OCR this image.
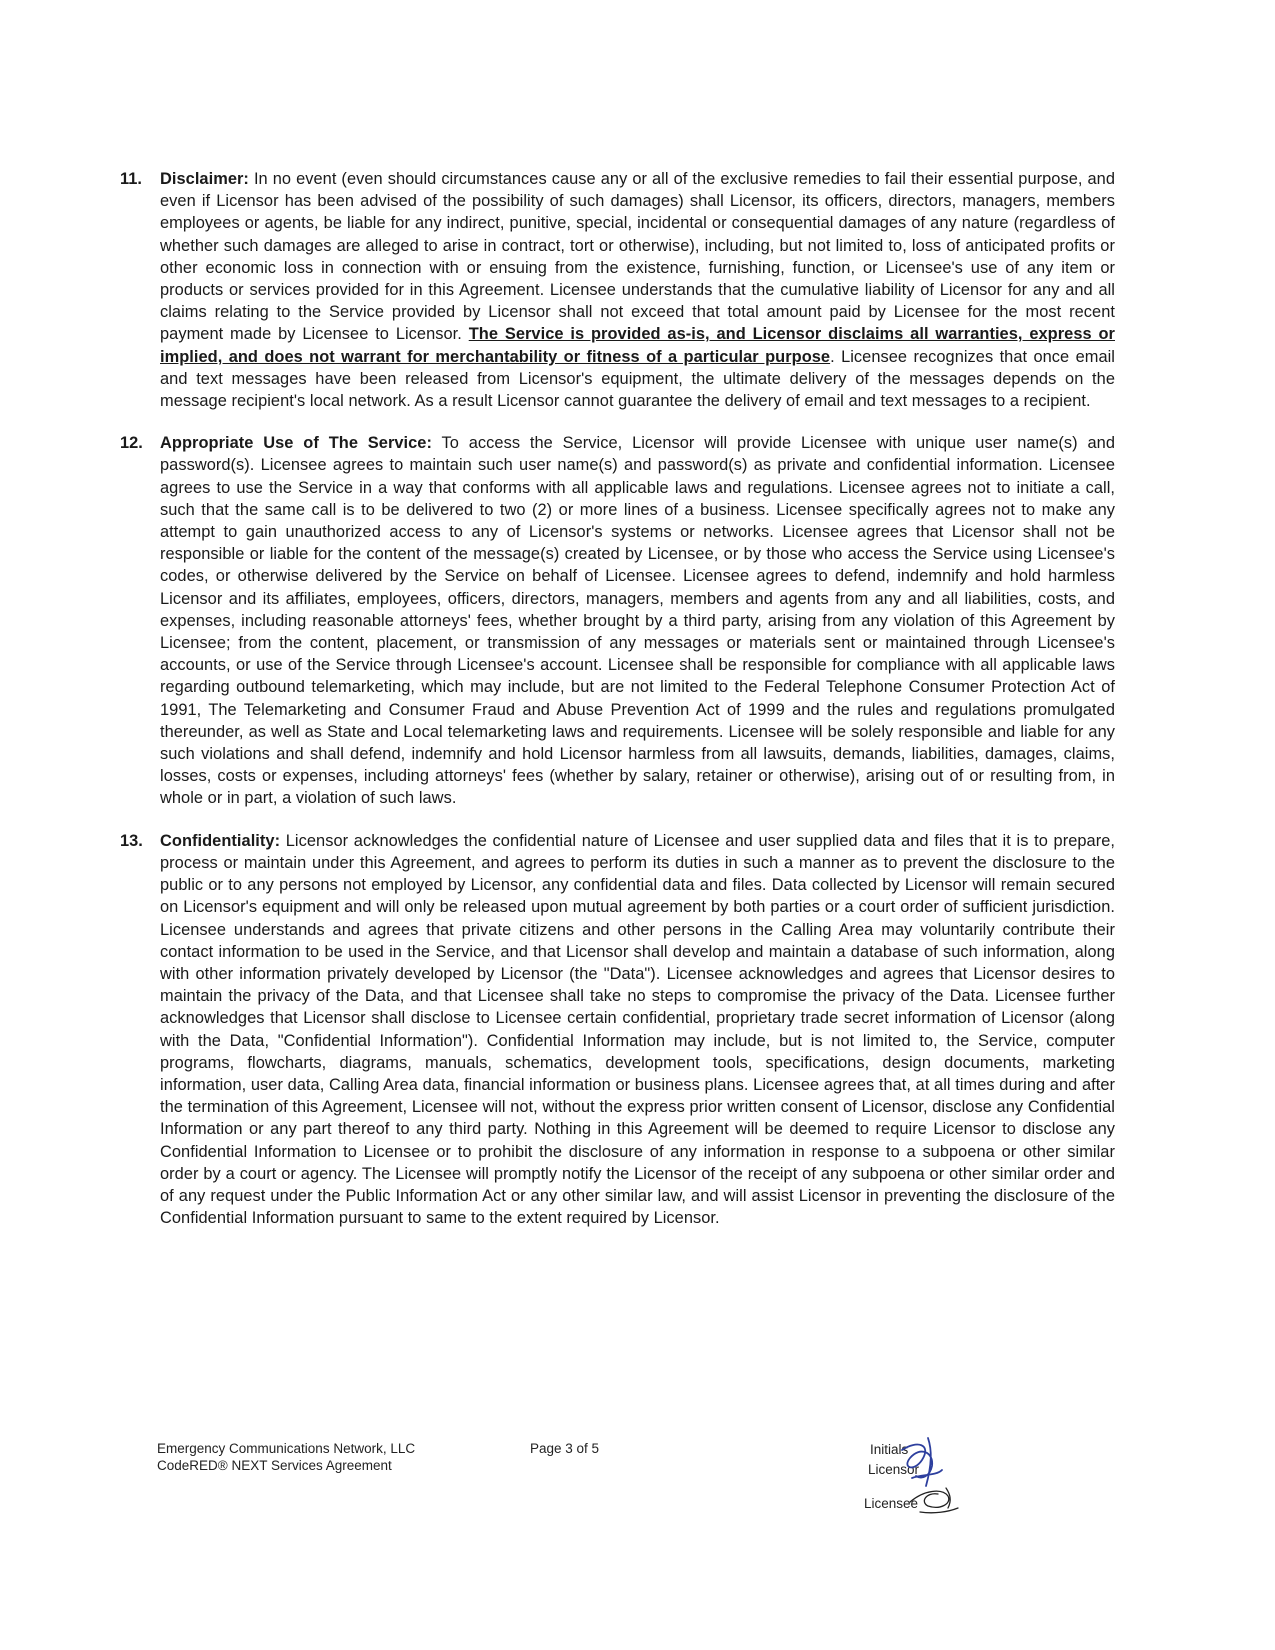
11. Disclaimer: In no event (even should circumstances cause any or all of the exclusive remedies to fail their essential purpose, and even if Licensor has been advised of the possibility of such damages) shall Licensor, its officers, directors, managers, members employees or agents, be liable for any indirect, punitive, special, incidental or consequential damages of any nature (regardless of whether such damages are alleged to arise in contract, tort or otherwise), including, but not limited to, loss of anticipated profits or other economic loss in connection with or ensuing from the existence, furnishing, function, or Licensee's use of any item or products or services provided for in this Agreement. Licensee understands that the cumulative liability of Licensor for any and all claims relating to the Service provided by Licensor shall not exceed that total amount paid by Licensee for the most recent payment made by Licensee to Licensor. The Service is provided as-is, and Licensor disclaims all warranties, express or implied, and does not warrant for merchantability or fitness of a particular purpose. Licensee recognizes that once email and text messages have been released from Licensor's equipment, the ultimate delivery of the messages depends on the message recipient's local network. As a result Licensor cannot guarantee the delivery of email and text messages to a recipient.

12. Appropriate Use of The Service: To access the Service, Licensor will provide Licensee with unique user name(s) and password(s). Licensee agrees to maintain such user name(s) and password(s) as private and confidential information. Licensee agrees to use the Service in a way that conforms with all applicable laws and regulations. Licensee agrees not to initiate a call, such that the same call is to be delivered to two (2) or more lines of a business. Licensee specifically agrees not to make any attempt to gain unauthorized access to any of Licensor's systems or networks. Licensee agrees that Licensor shall not be responsible or liable for the content of the message(s) created by Licensee, or by those who access the Service using Licensee's codes, or otherwise delivered by the Service on behalf of Licensee. Licensee agrees to defend, indemnify and hold harmless Licensor and its affiliates, employees, officers, directors, managers, members and agents from any and all liabilities, costs, and expenses, including reasonable attorneys' fees, whether brought by a third party, arising from any violation of this Agreement by Licensee; from the content, placement, or transmission of any messages or materials sent or maintained through Licensee's accounts, or use of the Service through Licensee's account. Licensee shall be responsible for compliance with all applicable laws regarding outbound telemarketing, which may include, but are not limited to the Federal Telephone Consumer Protection Act of 1991, The Telemarketing and Consumer Fraud and Abuse Prevention Act of 1999 and the rules and regulations promulgated thereunder, as well as State and Local telemarketing laws and requirements. Licensee will be solely responsible and liable for any such violations and shall defend, indemnify and hold Licensor harmless from all lawsuits, demands, liabilities, damages, claims, losses, costs or expenses, including attorneys' fees (whether by salary, retainer or otherwise), arising out of or resulting from, in whole or in part, a violation of such laws.

13. Confidentiality: Licensor acknowledges the confidential nature of Licensee and user supplied data and files that it is to prepare, process or maintain under this Agreement, and agrees to perform its duties in such a manner as to prevent the disclosure to the public or to any persons not employed by Licensor, any confidential data and files. Data collected by Licensor will remain secured on Licensor's equipment and will only be released upon mutual agreement by both parties or a court order of sufficient jurisdiction. Licensee understands and agrees that private citizens and other persons in the Calling Area may voluntarily contribute their contact information to be used in the Service, and that Licensor shall develop and maintain a database of such information, along with other information privately developed by Licensor (the "Data"). Licensee acknowledges and agrees that Licensor desires to maintain the privacy of the Data, and that Licensee shall take no steps to compromise the privacy of the Data. Licensee further acknowledges that Licensor shall disclose to Licensee certain confidential, proprietary trade secret information of Licensor (along with the Data, "Confidential Information"). Confidential Information may include, but is not limited to, the Service, computer programs, flowcharts, diagrams, manuals, schematics, development tools, specifications, design documents, marketing information, user data, Calling Area data, financial information or business plans. Licensee agrees that, at all times during and after the termination of this Agreement, Licensee will not, without the express prior written consent of Licensor, disclose any Confidential Information or any part thereof to any third party. Nothing in this Agreement will be deemed to require Licensor to disclose any Confidential Information to Licensee or to prohibit the disclosure of any information in response to a subpoena or other similar order by a court or agency. The Licensee will promptly notify the Licensor of the receipt of any subpoena or other similar order and of any request under the Public Information Act or any other similar law, and will assist Licensor in preventing the disclosure of the Confidential Information pursuant to same to the extent required by Licensor.

Emergency Communications Network, LLC
CodeRED® NEXT Services Agreement
Page 3 of 5	Initials
Licensor
Licensee
